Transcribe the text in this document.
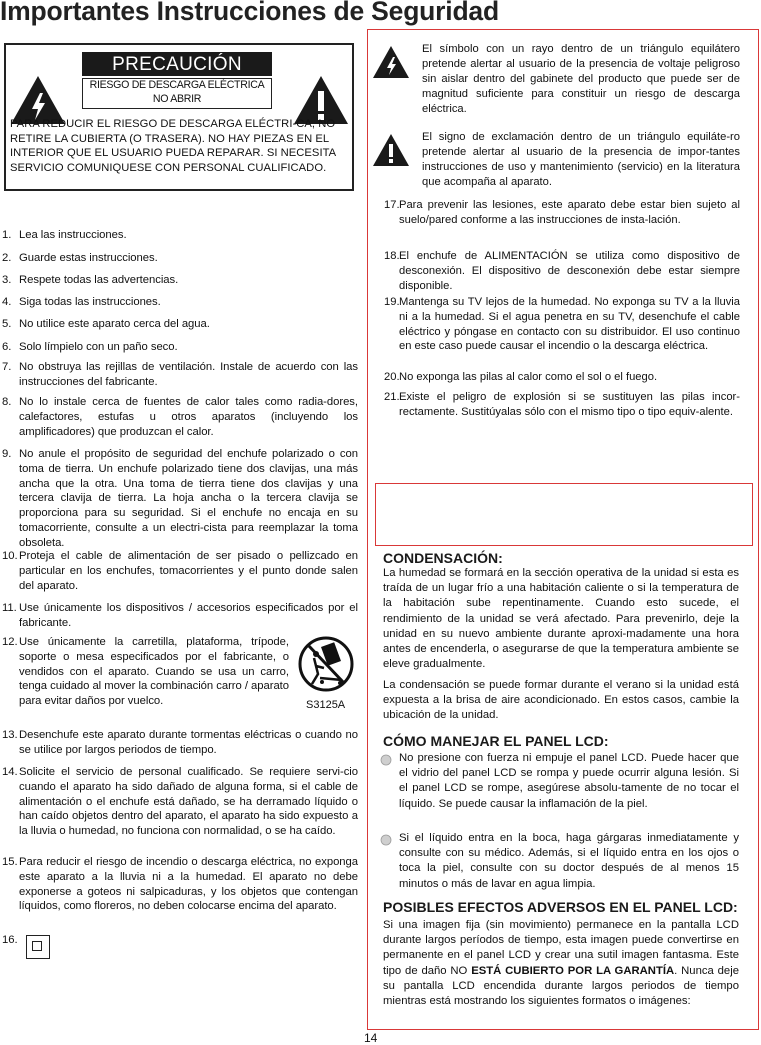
Importantes Instrucciones de Seguridad
PRECAUCIÓN
RIESGO DE DESCARGA ELÉCTRICA
NO ABRIR
PARA REDUCIR EL RIESGO DE DESCARGA ELÉCTRI-CA, NO RETIRE LA CUBIERTA (O TRASERA). NO HAY PIEZAS EN EL INTERIOR QUE EL USUARIO PUEDA REPARAR. SI NECESITA SERVICIO COMUNIQUESE CON PERSONAL CUALIFICADO.
1. Lea las instrucciones.
2. Guarde estas instrucciones.
3. Respete todas las advertencias.
4. Siga todas las instrucciones.
5. No utilice este aparato cerca del agua.
6. Solo límpielo con un paño seco.
7. No obstruya las rejillas de ventilación. Instale de acuerdo con las instrucciones del fabricante.
8. No lo instale cerca de fuentes de calor tales como radia-dores, calefactores, estufas u otros aparatos (incluyendo los amplificadores) que produzcan el calor.
9. No anule el propósito de seguridad del enchufe polarizado o con toma de tierra. Un enchufe polarizado tiene dos clavijas, una más ancha que la otra. Una toma de tierra tiene dos clavijas y una tercera clavija de tierra. La hoja ancha o la tercera clavija se proporciona para su seguridad. Si el enchufe no encaja en su tomacorriente, consulte a un electri-cista para reemplazar la toma obsoleta.
10. Proteja el cable de alimentación de ser pisado o pellizcado en particular en los enchufes, tomacorrientes y el punto donde salen del aparato.
11. Use únicamente los dispositivos / accesorios especificados por el fabricante.
12. Use únicamente la carretilla, plataforma, trípode, soporte o mesa especificados por el fabricante, o vendidos con el aparato. Cuando se usa un carro, tenga cuidado al mover la combinación carro / aparato para evitar daños por vuelco.	S3125A
13. Desenchufe este aparato durante tormentas eléctricas o cuando no se utilice por largos periodos de tiempo.
14. Solicite el servicio de personal cualificado. Se requiere servi-cio cuando el aparato ha sido dañado de alguna forma, si el cable de alimentación o el enchufe está dañado, se ha derramado líquido o han caído objetos dentro del aparato, el aparato ha sido expuesto a la lluvia o humedad, no funciona con normalidad, o se ha caído.
15. Para reducir el riesgo de incendio o descarga eléctrica, no exponga este aparato a la lluvia ni a la humedad. El aparato no debe exponerse a goteos ni salpicaduras, y los objetos que contengan líquidos, como floreros, no deben colocarse encima del aparato.
16.
El símbolo con un rayo dentro de un triángulo equilátero pretende alertar al usuario de la presencia de voltaje peligroso sin aislar dentro del gabinete del producto que puede ser de magnitud suficiente para constituir un riesgo de descarga eléctrica.
El signo de exclamación dentro de un triángulo equiláte-ro pretende alertar al usuario de la presencia de impor-tantes instrucciones de uso y mantenimiento (servicio) en la literatura que acompaña al aparato.
17. Para prevenir las lesiones, este aparato debe estar bien sujeto al suelo/pared conforme a las instrucciones de insta-lación.
18. El enchufe de ALIMENTACIÓN se utiliza como dispositivo de desconexión. El dispositivo de desconexión debe estar siempre disponible.
19. Mantenga su TV lejos de la humedad. No exponga su TV a la lluvia ni a la humedad. Si el agua penetra en su TV, desenchufe el cable eléctrico y póngase en contacto con su distribuidor. El uso continuo en este caso puede causar el incendio o la descarga eléctrica.
20. No exponga las pilas al calor como el sol o el fuego.
21. Existe el peligro de explosión si se sustituyen las pilas incor-rectamente. Sustitúyalas sólo con el mismo tipo o tipo equiv-alente.
CONDENSACIÓN:
La humedad se formará en la sección operativa de la unidad si esta es traída de un lugar frío a una habitación caliente o si la temperatura de la habitación sube repentinamente. Cuando esto sucede, el rendimiento de la unidad se verá afectado. Para prevenirlo, deje la unidad en su nuevo ambiente durante aproxi-madamente una hora antes de encenderla, o asegurarse de que la temperatura ambiente se eleve gradualmente.
La condensación se puede formar durante el verano si la unidad está expuesta a la brisa de aire acondicionado. En estos casos, cambie la ubicación de la unidad.
CÓMO MANEJAR EL PANEL LCD:
No presione con fuerza ni empuje el panel LCD. Puede hacer que el vidrio del panel LCD se rompa y puede ocurrir alguna lesión. Si el panel LCD se rompe, asegúrese absolu-tamente de no tocar el líquido. Se puede causar la inflamación de la piel.
Si el líquido entra en la boca, haga gárgaras inmediatamente y consulte con su médico. Además, si el líquido entra en los ojos o toca la piel, consulte con su doctor después de al menos 15 minutos o más de lavar en agua limpia.
POSIBLES EFECTOS ADVERSOS EN EL PANEL LCD:
Si una imagen fija (sin movimiento) permanece en la pantalla LCD durante largos períodos de tiempo, esta imagen puede convertirse en permanente en el panel LCD y crear una sutil imagen fantasma. Este tipo de daño NO ESTÁ CUBIERTO POR LA GARANTÍA. Nunca deje su pantalla LCD encendida durante largos periodos de tiempo mientras está mostrando los siguientes formatos o imágenes:
14
